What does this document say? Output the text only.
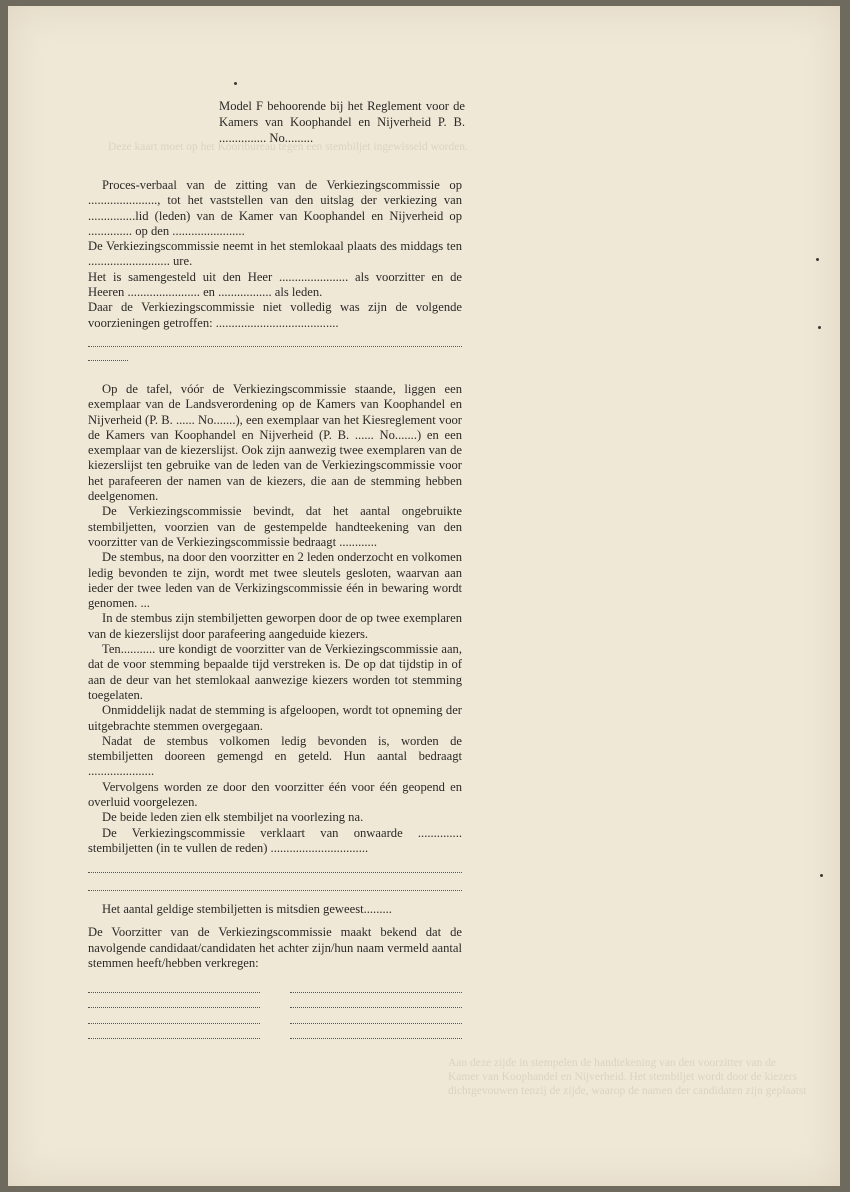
Deze kaart moet op het Kooribureau tegen een stembiljet ingewisseld worden.
Aan deze zijde in stempelen de handtekening van den voorzitter van de Kamer van Koophandel en Nijverheid. Het stembiljet wordt door de kiezers dichtgevouwen tenzij de zijde, waarop de namen der candidaten zijn geplaatst
Model F behoorende bij het Reglement voor de Kamers van Koophandel en Nijverheid P. B. ............... No.........

Proces-verbaal van de zitting van de Verkiezingscommissie op ......................, tot het vaststellen van den uitslag der verkiezing van ...............lid (leden) van de Kamer van Koophandel en Nijverheid op .............. op den .......................

De Verkiezingscommissie neemt in het stemlokaal plaats des middags ten .......................... ure.

Het is samengesteld uit den Heer ...................... als voorzitter en de Heeren ....................... en ................. als leden.

Daar de Verkiezingscommissie niet volledig was zijn de volgende voorzieningen getroffen: .......................................

Op de tafel, vóór de Verkiezingscommissie staande, liggen een exemplaar van de Landsverordening op de Kamers van Koophandel en Nijverheid (P. B. ...... No.......), een exemplaar van het Kiesreglement voor de Kamers van Koophandel en Nijverheid (P. B. ...... No.......) en een exemplaar van de kiezerslijst. Ook zijn aanwezig twee exemplaren van de kiezerslijst ten gebruike van de leden van de Verkiezingscommissie voor het parafeeren der namen van de kiezers, die aan de stemming hebben deelgenomen.

De Verkiezingscommissie bevindt, dat het aantal ongebruikte stembiljetten, voorzien van de gestempelde handteekening van den voorzitter van de Verkiezingscommissie bedraagt ............

De stembus, na door den voorzitter en 2 leden onderzocht en volkomen ledig bevonden te zijn, wordt met twee sleutels gesloten, waarvan aan ieder der twee leden van de Verkizingscommissie één in bewaring wordt genomen. ...

In de stembus zijn stembiljetten geworpen door de op twee exemplaren van de kiezerslijst door parafeering aangeduide kiezers.

Ten........... ure kondigt de voorzitter van de Verkiezingscommissie aan, dat de voor stemming bepaalde tijd verstreken is. De op dat tijdstip in of aan de deur van het stemlokaal aanwezige kiezers worden tot stemming toegelaten.

Onmiddelijk nadat de stemming is afgeloopen, wordt tot opneming der uitgebrachte stemmen overgegaan.

Nadat de stembus volkomen ledig bevonden is, worden de stembiljetten dooreen gemengd en geteld. Hun aantal bedraagt .....................

Vervolgens worden ze door den voorzitter één voor één geopend en overluid voorgelezen.

De beide leden zien elk stembiljet na voorlezing na.

De Verkiezingscommissie verklaart van onwaarde .............. stembiljetten (in te vullen de reden) ...............................

Het aantal geldige stembiljetten is mitsdien geweest.........

De Voorzitter van de Verkiezingscommissie maakt bekend dat de navolgende candidaat/candidaten het achter zijn/hun naam vermeld aantal stemmen heeft/hebben verkregen:
